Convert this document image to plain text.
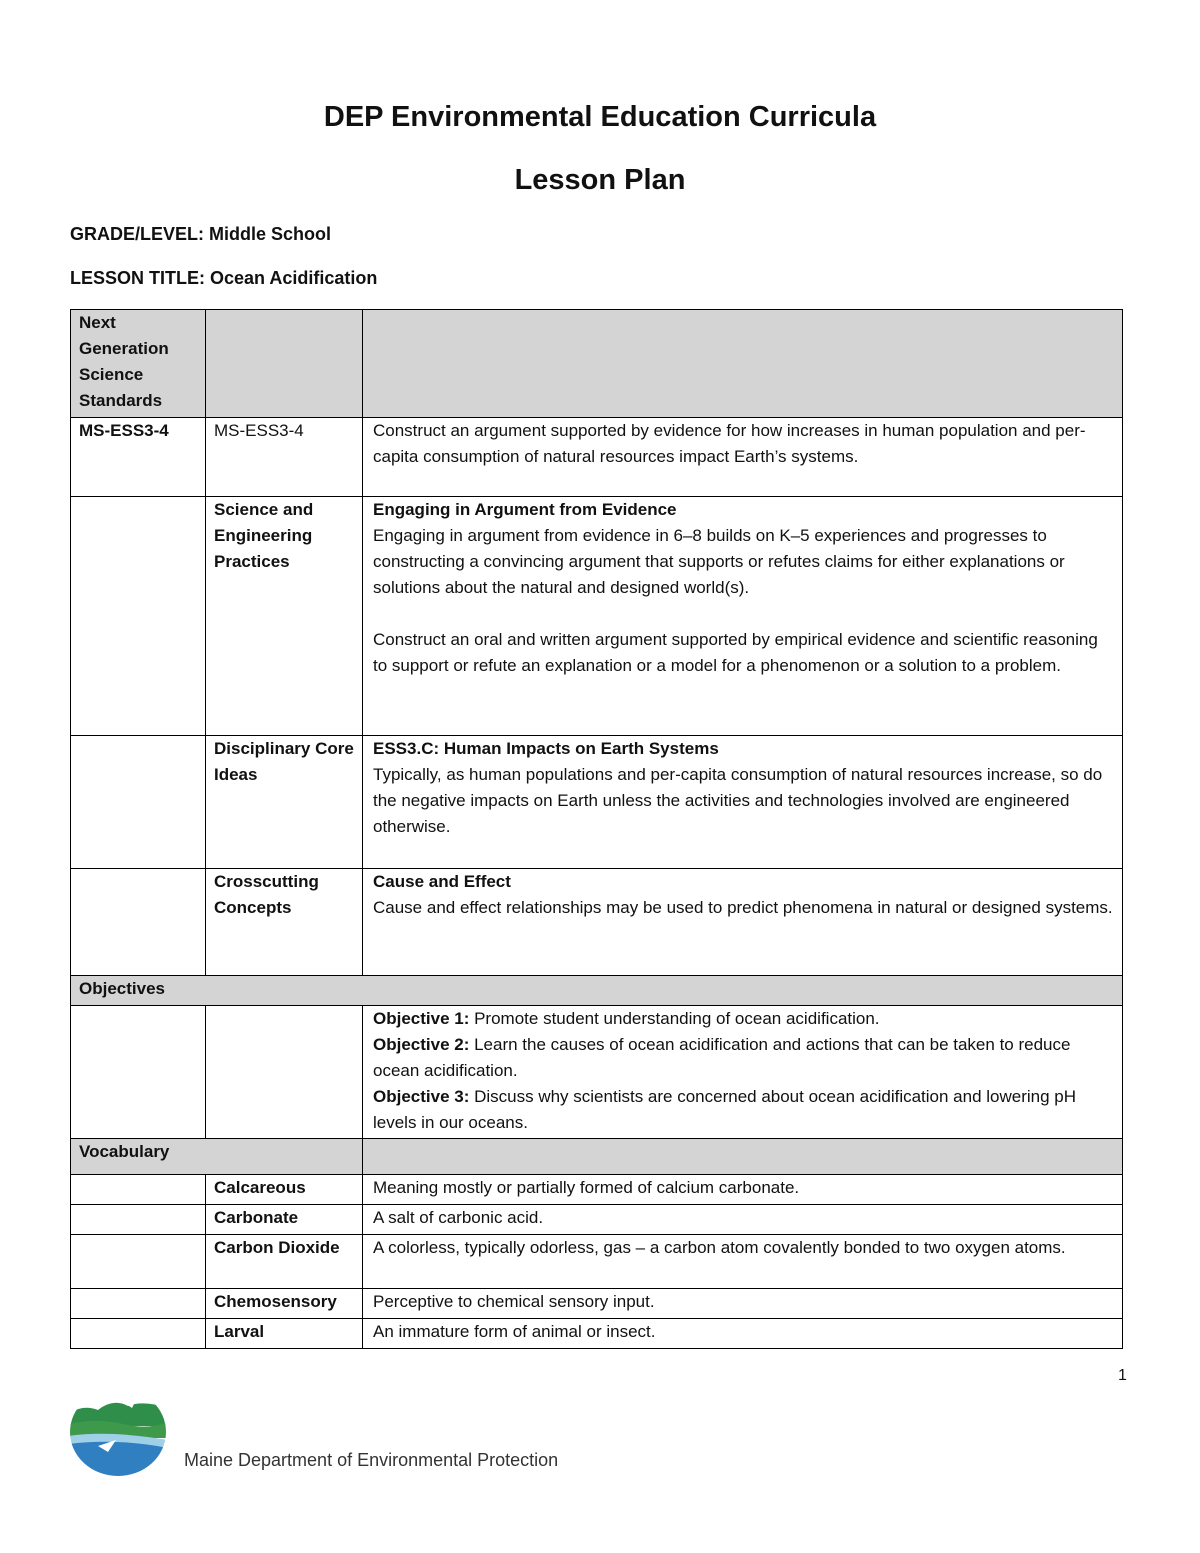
DEP Environmental Education Curricula
Lesson Plan
GRADE/LEVEL: Middle School
LESSON TITLE: Ocean Acidification
Next Generation Science Standards		
MS-ESS3-4	MS-ESS3-4	Construct an argument supported by evidence for how increases in human population and per-capita consumption of natural resources impact Earth’s systems.
	Science and Engineering Practices	Engaging in Argument from Evidence
Engaging in argument from evidence in 6–8 builds on K–5 experiences and progresses to constructing a convincing argument that supports or refutes claims for either explanations or solutions about the natural and designed world(s).
Construct an oral and written argument supported by empirical evidence and scientific reasoning to support or refute an explanation or a model for a phenomenon or a solution to a problem.

	Disciplinary Core Ideas	ESS3.C: Human Impacts on Earth Systems
Typically, as human populations and per-capita consumption of natural resources increase, so do the negative impacts on Earth unless the activities and technologies involved are engineered otherwise.

	Crosscutting Concepts	Cause and Effect
Cause and effect relationships may be used to predict phenomena in natural or designed systems.

Objectives		

		Objective 1: Promote student understanding of ocean acidification.
Objective 2: Learn the causes of ocean acidification and actions that can be taken to reduce ocean acidification.
Objective 3: Discuss why scientists are concerned about ocean acidification and lowering pH levels in our oceans.

Vocabulary		
	Calcareous	Meaning mostly or partially formed of calcium carbonate.
	Carbonate	A salt of carbonic acid.
	Carbon Dioxide	A colorless, typically odorless, gas – a carbon atom covalently bonded to two oxygen atoms.
	Chemosensory	Perceptive to chemical sensory input.
	Larval	An immature form of animal or insect.
1
Maine Department of Environmental Protection
